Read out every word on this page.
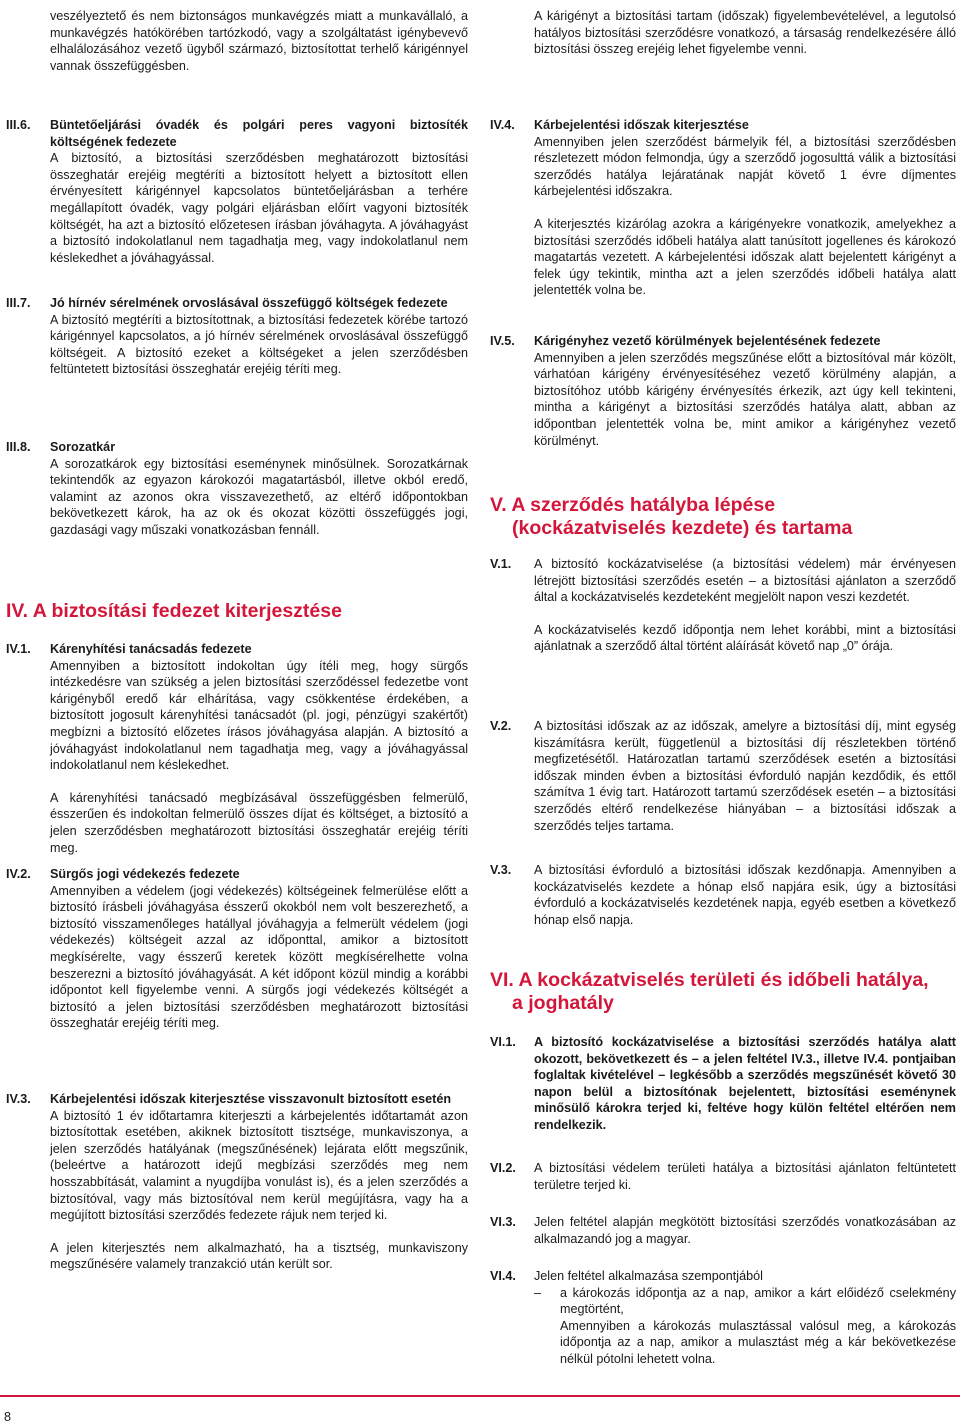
veszélyeztető és nem biztonságos munkavégzés miatt a munkavállaló, a munkavégzés hatókörében tartózkodó, vagy a szolgáltatást igénybevevő elhalálozásához vezető ügyből származó, biztosítottat terhelő kárigénnyel vannak összefüggésben.
III.6.	Büntetőeljárási óvadék és polgári peres vagyoni biztosíték költségének fedezete

A biztosító, a biztosítási szerződésben meghatározott biztosítási összeghatár erejéig megtéríti a biztosított helyett a biztosított ellen érvényesített kárigénnyel kapcsolatos büntetőeljárásban a terhére megállapított óvadék, vagy polgári eljárásban előírt vagyoni biztosíték költségét, ha azt a biztosító előzetesen írásban jóváhagyta. A jóváhagyást a biztosító indokolatlanul nem tagadhatja meg, vagy indokolatlanul nem késlekedhet a jóváhagyással.

III.7.	Jó hírnév sérelmének orvoslásával összefüggő költségek fedezete

A biztosító megtéríti a biztosítottnak, a biztosítási fedezetek körébe tartozó kárigénnyel kapcsolatos, a jó hírnév sérelmének orvoslásával összefüggő költségeit. A biztosító ezeket a költségeket a jelen szerződésben feltüntetett biztosítási összeghatár erejéig téríti meg.

III.8.	Sorozatkár

A sorozatkárok egy biztosítási eseménynek minősülnek. Sorozatkárnak tekintendők az egyazon károkozói magatartásból, illetve okból eredő, valamint az azonos okra visszavezethető, az eltérő időpontokban bekövetkezett károk, ha az ok és okozat közötti összefüggés jogi, gazdasági vagy műszaki vonatkozásban fennáll.

IV. A biztosítási fedezet kiterjesztése
IV.1.	Kárenyhítési tanácsadás fedezete

Amennyiben a biztosított indokoltan úgy ítéli meg, hogy sürgős intézkedésre van szükség a jelen biztosítási szerződéssel fedezetbe vont kárigényből eredő kár elhárítása, vagy csökkentése érdekében, a biztosított jogosult kárenyhítési tanácsadót (pl. jogi, pénzügyi szakértőt) megbízni a biztosító előzetes írásos jóváhagyása alapján. A biztosító a jóváhagyást indokolatlanul nem tagadhatja meg, vagy a jóváhagyással indokolatlanul nem késlekedhet.

A kárenyhítési tanácsadó megbízásával összefüggésben felmerülő, ésszerűen és indokoltan felmerülő összes díjat és költséget, a biztosító a jelen szerződésben meghatározott biztosítási összeghatár erejéig téríti meg.

IV.2.	Sürgős jogi védekezés fedezete

Amennyiben a védelem (jogi védekezés) költségeinek felmerülése előtt a biztosító írásbeli jóváhagyása ésszerű okokból nem volt beszerezhető, a biztosító visszamenőleges hatállyal jóváhagyja a felmerült védelem (jogi védekezés) költségeit azzal az időponttal, amikor a biztosított megkísérelte, vagy ésszerű keretek között megkísérelhette volna beszerezni a biztosító jóváhagyását. A két időpont közül mindig a korábbi időpontot kell figyelembe venni. A sürgős jogi védekezés költségét a biztosító a jelen biztosítási szerződésben meghatározott biztosítási összeghatár erejéig téríti meg.

IV.3.	Kárbejelentési időszak kiterjesztése visszavonult biztosított esetén

A biztosító 1 év időtartamra kiterjeszti a kárbejelentés időtartamát azon biztosítottak esetében, akiknek biztosított tisztsége, munkaviszonya, a jelen szerződés hatályának (megszűnésének) lejárata előtt megszűnik, (beleértve a határozott idejű megbízási szerződés meg nem hosszabbítását, valamint a nyugdíjba vonulást is), és a jelen szerződés a biztosítóval, vagy más biztosítóval nem kerül megújításra, vagy ha a megújított biztosítási szerződés fedezete rájuk nem terjed ki.

A jelen kiterjesztés nem alkalmazható, ha a tisztség, munkaviszony megszűnésére valamely tranzakció után került sor.

A kárigényt a biztosítási tartam (időszak) figyelembevételével, a legutolsó hatályos biztosítási szerződésre vonatkozó, a társaság rendelkezésére álló biztosítási összeg erejéig lehet figyelembe venni.
IV.4.	Kárbejelentési időszak kiterjesztése

Amennyiben jelen szerződést bármelyik fél, a biztosítási szerződésben részletezett módon felmondja, úgy a szerződő jogosulttá válik a biztosítási szerződés hatálya lejáratának napját követő 1 évre díjmentes kárbejelentési időszakra.

A kiterjesztés kizárólag azokra a kárigényekre vonatkozik, amelyekhez a biztosítási szerződés időbeli hatálya alatt tanúsított jogellenes és károkozó magatartás vezetett. A kárbejelentési időszak alatt bejelentett kárigényt a felek úgy tekintik, mintha azt a jelen szerződés időbeli hatálya alatt jelentették volna be.

IV.5.	Kárigényhez vezető körülmények bejelentésének fedezete

Amennyiben a jelen szerződés megszűnése előtt a biztosítóval már közölt, várhatóan kárigény érvényesítéséhez vezető körülmény alapján, a biztosítóhoz utóbb kárigény érvényesítés érkezik, azt úgy kell tekinteni, mintha a kárigényt a biztosítási szerződés hatálya alatt, abban az időpontban jelentették volna be, mint amikor a kárigényhez vezető körülményt.

V. A szerződés hatályba lépése
(kockázatviselés kezdete) és tartama
V.1.	A biztosító kockázatviselése (a biztosítási védelem) már érvényesen létrejött biztosítási szerződés esetén – a biztosítási ajánlaton a szerződő által a kockázatviselés kezdeteként megjelölt napon veszi kezdetét.

A kockázatviselés kezdő időpontja nem lehet korábbi, mint a biztosítási ajánlatnak a szerződő által történt aláírását követő nap „0” órája.

V.2.	A biztosítási időszak az az időszak, amelyre a biztosítási díj, mint egység kiszámításra került, függetlenül a biztosítási díj részletekben történő megfizetésétől. Határozatlan tartamú szerződések esetén a biztosítási időszak minden évben a biztosítási évforduló napján kezdődik, és ettől számítva 1 évig tart. Határozott tartamú szerződések esetén – a biztosítási szerződés eltérő rendelkezése hiányában – a biztosítási időszak a szerződés teljes tartama.

V.3.	A biztosítási évforduló a biztosítási időszak kezdőnapja. Amennyiben a kockázatviselés kezdete a hónap első napjára esik, úgy a biztosítási évforduló a kockázatviselés kezdetének napja, egyéb esetben a következő hónap első napja.

VI. A kockázatviselés területi és időbeli hatálya,
a joghatály
VI.1.	A biztosító kockázatviselése a biztosítási szerződés hatálya alatt okozott, bekövetkezett és – a jelen feltétel IV.3., illetve IV.4. pontjaiban foglaltak kivételével – legkésőbb a szerződés megszűnését követő 30 napon belül a biztosítónak bejelentett, biztosítási eseménynek minősülő károkra terjed ki, feltéve hogy külön feltétel eltérően nem rendelkezik.

VI.2.	A biztosítási védelem területi hatálya a biztosítási ajánlaton feltüntetett területre terjed ki.

VI.3.	Jelen feltétel alapján megkötött biztosítási szerződés vonatkozásában az alkalmazandó jog a magyar.

VI.4.	Jelen feltétel alkalmazása szempontjából

–	a károkozás időpontja az a nap, amikor a kárt előidéző cselekmény megtörtént,
Amennyiben a károkozás mulasztással valósul meg, a károkozás időpontja az a nap, amikor a mulasztást még a kár bekövetkezése nélkül pótolni lehetett volna.
8
